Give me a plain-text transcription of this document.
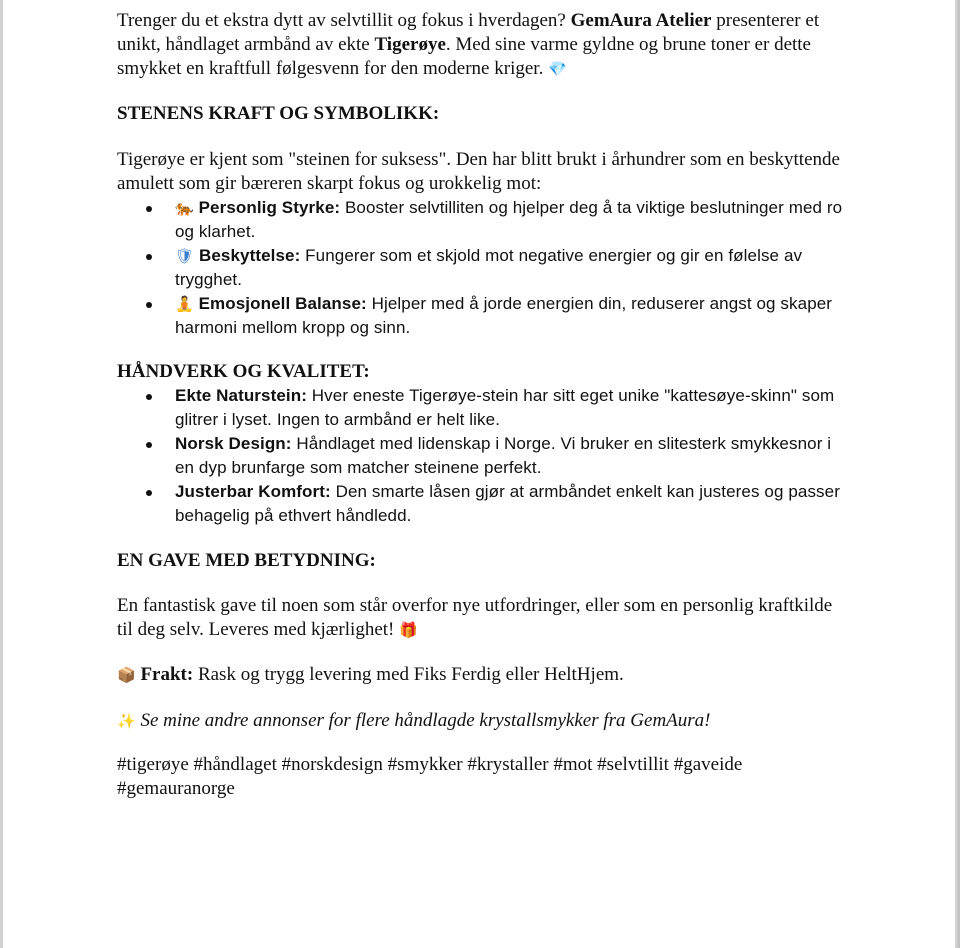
Trenger du et ekstra dytt av selvtillit og fokus i hverdagen? GemAura Atelier presenterer et unikt, håndlaget armbånd av ekte Tigerøye. Med sine varme gyldne og brune toner er dette smykket en kraftfull følgesvenn for den moderne kriger. 💎

STENENS KRAFT OG SYMBOLIKK:

Tigerøye er kjent som "steinen for suksess". Den har blitt brukt i århundrer som en beskyttende amulett som gir bæreren skarpt fokus og urokkelig mot:

🐅 Personlig Styrke: Booster selvtilliten og hjelper deg å ta viktige beslutninger med ro og klarhet.
🛡 Beskyttelse: Fungerer som et skjold mot negative energier og gir en følelse av trygghet.
🧘 Emosjonell Balanse: Hjelper med å jorde energien din, reduserer angst og skaper harmoni mellom kropp og sinn.

HÅNDVERK OG KVALITET:

Ekte Naturstein: Hver eneste Tigerøye-stein har sitt eget unike "kattesøye-skinn" som glitrer i lyset. Ingen to armbånd er helt like.
Norsk Design: Håndlaget med lidenskap i Norge. Vi bruker en slitesterk smykkesnor i en dyp brunfarge som matcher steinene perfekt.
Justerbar Komfort: Den smarte låsen gjør at armbåndet enkelt kan justeres og passer behagelig på ethvert håndledd.

EN GAVE MED BETYDNING:

En fantastisk gave til noen som står overfor nye utfordringer, eller som en personlig kraftkilde til deg selv. Leveres med kjærlighet! 🎁

📦 Frakt: Rask og trygg levering med Fiks Ferdig eller HeltHjem.

✨ Se mine andre annonser for flere håndlagde krystallsmykker fra GemAura!

#tigerøye #håndlaget #norskdesign #smykker #krystaller #mot #selvtillit #gaveide #gemauranorge
